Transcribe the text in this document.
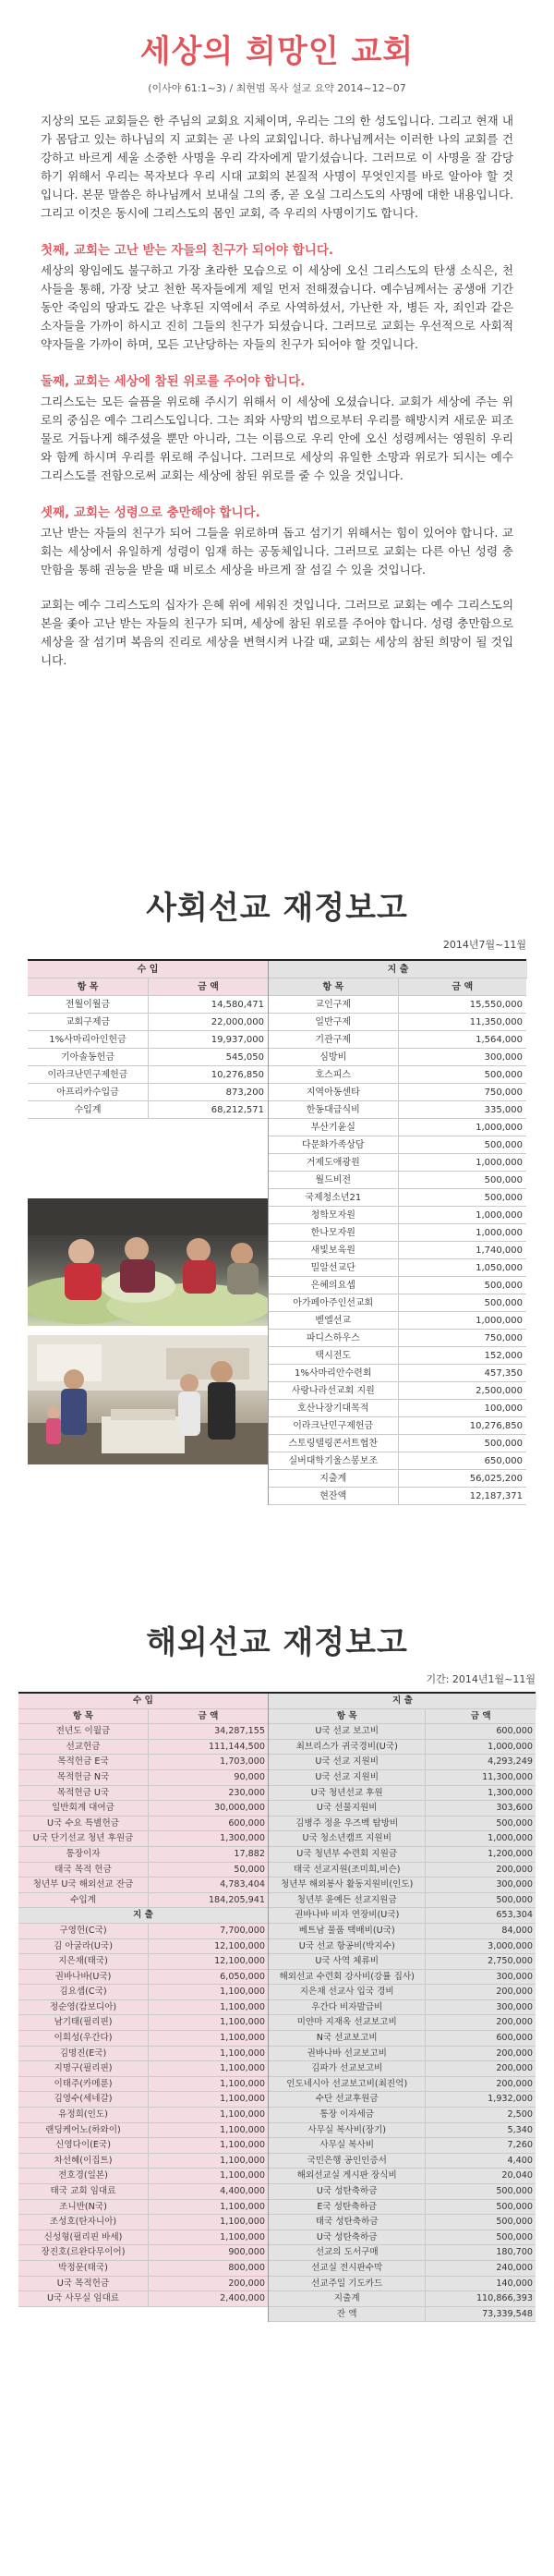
세상의 희망인 교회
(이사야 61:1~3) / 최현범 목사 설교 요약 2014~12~07

지상의 모든 교회들은 한 주님의 교회요 지체이며, 우리는 그의 한 성도입니다. 그리고 현재 내가 몸담고 있는 하나님의 지 교회는 곧 나의 교회입니다. 하나님께서는 이러한 나의 교회를 건강하고 바르게 세울 소중한 사명을 우리 각자에게 맡기셨습니다. 그러므로 이 사명을 잘 감당하기 위해서 우리는 목자보다 우리 시대 교회의 본질적 사명이 무엇인지를 바로 알아야 할 것입니다. 본문 말씀은 하나님께서 보내실 그의 종, 곧 오실 그리스도의 사명에 대한 내용입니다. 그리고 이것은 동시에 그리스도의 몸인 교회, 즉 우리의 사명이기도 합니다.

첫째, 교회는 고난 받는 자들의 친구가 되어야 합니다.

세상의 왕임에도 불구하고 가장 초라한 모습으로 이 세상에 오신 그리스도의 탄생 소식은, 천사들을 통해, 가장 낮고 천한 목자들에게 제일 먼저 전해졌습니다. 예수님께서는 공생애 기간 동안 죽임의 땅과도 같은 낙후된 지역에서 주로 사역하셨서, 가난한 자, 병든 자, 죄인과 같은 소자들을 가까이 하시고 진히 그들의 친구가 되셨습니다. 그러므로 교회는 우선적으로 사회적 약자들을 가까이 하며, 모든 고난당하는 자들의 친구가 되어야 할 것입니다.

둘째, 교회는 세상에 참된 위로를 주어야 합니다.

그리스도는 모든 슬픔을 위로해 주시기 위해서 이 세상에 오셨습니다. 교회가 세상에 주는 위로의 중심은 예수 그리스도입니다. 그는 죄와 사망의 법으로부터 우리를 해방시켜 새로운 피조물로 거듭나게 해주셨을 뿐만 아니라, 그는 이름으로 우리 안에 오신 성령께서는 영원히 우리와 함께 하시며 우리를 위로해 주십니다. 그러므로 세상의 유일한 소망과 위로가 되시는 예수 그리스도를 전함으로써 교회는 세상에 참된 위로를 줄 수 있을 것입니다.

셋째, 교회는 성령으로 충만해야 합니다.

고난 받는 자들의 친구가 되어 그들을 위로하며 돕고 섬기기 위해서는 힘이 있어야 합니다. 교회는 세상에서 유일하게 성령이 임재 하는 공동체입니다. 그러므로 교회는 다른 아닌 성령 충만함을 통해 권능을 받을 때 비로소 세상을 바르게 잘 섬길 수 있을 것입니다.

교회는 예수 그리스도의 십자가 은혜 위에 세워진 것입니다. 그러므로 교회는 예수 그리스도의 본을 좇아 고난 받는 자들의 친구가 되며, 세상에 참된 위로를 주어야 합니다. 성령 충만함으로 세상을 잘 섬기며 복음의 진리로 세상을 변혁시켜 나갈 때, 교회는 세상의 참된 희망이 될 것입니다.

사회선교 재정보고
2014년7월~11월
수 입
항 목	금 액
전월이월금	14,580,471
교회구제금	22,000,000
1%사마리아인헌금	19,937,000
기아솔동헌금	545,050
이라크난민구제헌금	10,276,850
아프리카수입금	873,200
수입계	68,212,571
지 출
항 목	금 액
교인구제	15,550,000
일반구제	11,350,000
기관구제	1,564,000
심방비	300,000
호스피스	500,000
지역아동센타	750,000
한동대급식비	335,000
부산기윤실	1,000,000
다문화가족상담	500,000
거제도애광원	1,000,000
월드비전	500,000
국제청소년21	500,000
청학모자원	1,000,000
한나모자원	1,000,000
새빛보육원	1,740,000
밀알선교단	1,050,000
은혜의요셉	500,000
아가페아주인선교회	500,000
벧엘선교	1,000,000
파디스하우스	750,000
택시전도	152,000
1%사마리안수련회	457,350
사랑나라선교회 지원	2,500,000
호산나장기대목적	100,000
이라크난민구제헌금	10,276,850
스토링텔링콘서트협찬	500,000
실버대학기울스봉보조	650,000
지출계	56,025,200
현잔액	12,187,371
해외선교 재정보고
기간: 2014년1월~11월
수 입
항 목	금 액
전년도 이월금	34,287,155
선교헌금	111,144,500
목적헌금 E국	1,703,000
목적헌금 N국	90,000
목적헌금 U국	230,000
일반회계 대여금	30,000,000
U국 수요 특별헌금	600,000
U국 단기선교 청년 후원금	1,300,000
통장이자	17,882
태국 목적 헌금	50,000
청년부 U국 해외선교 잔금	4,783,404
수입계	184,205,941
지 출
구영헌(C국)	7,700,000
김 아굴라(U국)	12,100,000
지은채(태국)	12,100,000
권바나바(U국)	6,050,000
김요셉(C국)	1,100,000
정순영(캄보디아)	1,100,000
남기태(필리핀)	1,100,000
이희성(우간다)	1,100,000
김명진(E국)	1,100,000
지명구(필리핀)	1,100,000
이태주(카메룬)	1,100,000
김영수(세네갈)	1,100,000
유정희(인도)	1,100,000
랜딩케어노(하와이)	1,100,000
신영다이(E국)	1,100,000
차선혜(이집트)	1,100,000
전호경(일본)	1,100,000
태국 교회 임대료	4,400,000
조니반(N국)	1,100,000
조성호(탄자니아)	1,100,000
신성형(필리핀 바세)	1,100,000
장진호(르완다무이어)	900,000
박정문(태국)	800,000
U국 목적헌금	200,000
U국 사무실 임대료	2,400,000
지 출
항 목	금 액
U국 선교 보고비	600,000
최브리스가 귀국경비(U국)	1,000,000
U국 선교 지원비	4,293,249
U국 선교 지원비	11,300,000
U국 청년선교 후원	1,300,000
U국 선물지원비	303,600
김병주 정윤 우즈벡 탐방비	500,000
U국 청소년캠프 지원비	1,000,000
U국 청년부 수련회 지원금	1,200,000
태국 선교지원(조미희,비슨)	200,000
청년부 해외봉사 활동지원비(인도)	300,000
청년부 윤예든 선교지원금	500,000
권바나바 비자 연장비(U국)	653,304
베트남 물품 택배비(U국)	84,000
U국 선교 항공비(박지수)	3,000,000
U국 사역 체류비	2,750,000
해외선교 수련회 강사비(강률 집사)	300,000
지은채 선교사 입국 경비	200,000
우간다 비자발급비	300,000
미얀마 지재옥 선교보고비	200,000
N국 선교보고비	600,000
권바나바 선교보고비	200,000
김파가 선교보고비	200,000
인도네시아 선교보고비(최진억)	200,000
수단 선교후원금	1,932,000
통장 이자세금	2,500
사무실 복사비(장기)	5,340
사무실 복사비	7,260
국민은행 공인인증서	4,400
해외선교실 게시판 장식비	20,040
U국 성탄축하금	500,000
E국 성탄축하금	500,000
태국 성탄축하금	500,000
U국 성탄축하금	500,000
선교의 도서구매	180,700
선교실 전시판수막	240,000
선교주일 기도카드	140,000
지출계	110,866,393
잔 액	73,339,548
